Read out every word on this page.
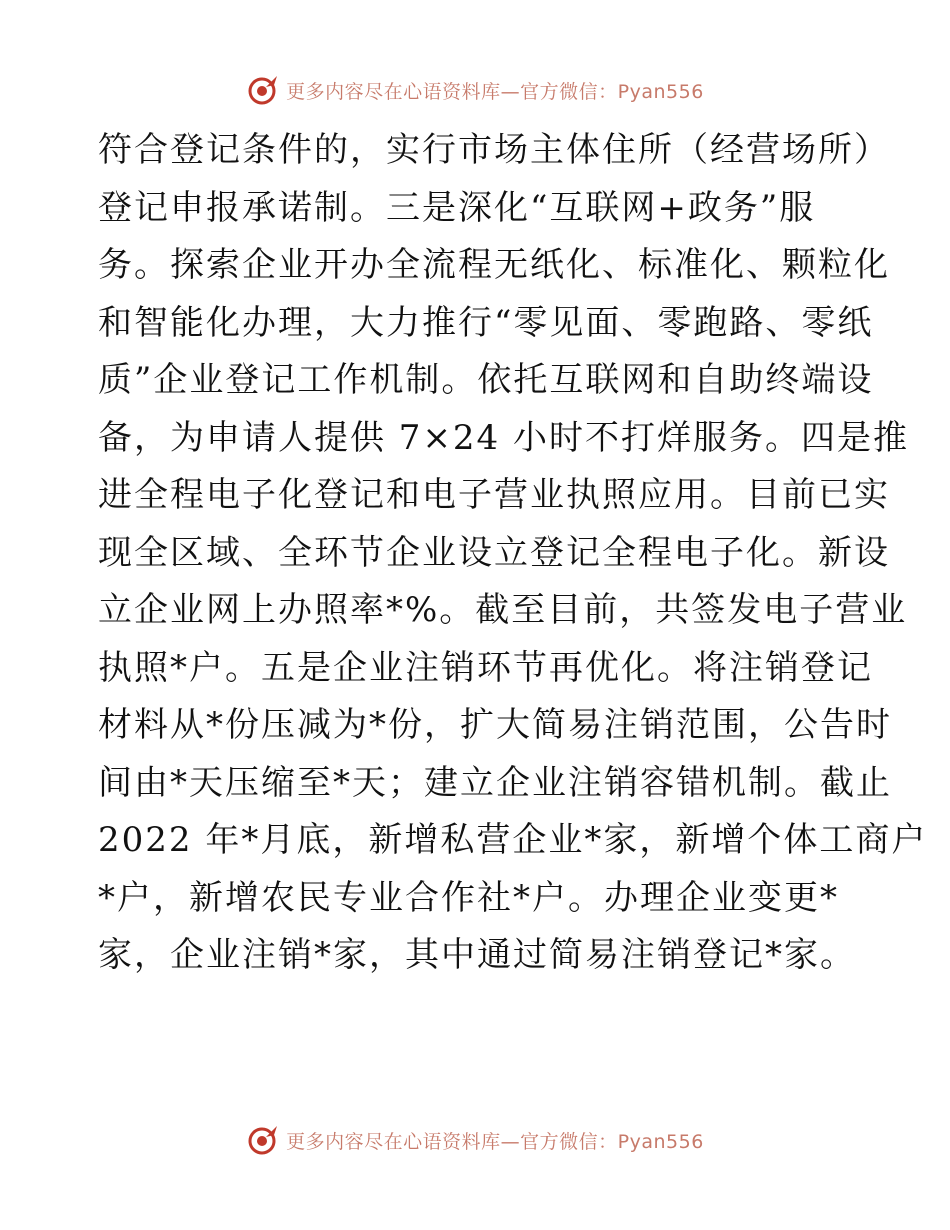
更多内容尽在心语资料库—官方微信：Pyan556
符合登记条件的，实行市场主体住所（经营场所）
登记申报承诺制。三是深化“互联网+政务”服
务。探索企业开办全流程无纸化、标准化、颗粒化
和智能化办理，大力推行“零见面、零跑路、零纸
质”企业登记工作机制。依托互联网和自助终端设
备，为申请人提供 7×24 小时不打烊服务。四是推
进全程电子化登记和电子营业执照应用。目前已实
现全区域、全环节企业设立登记全程电子化。新设
立企业网上办照率*%。截至目前，共签发电子营业
执照*户。五是企业注销环节再优化。将注销登记
材料从*份压减为*份，扩大简易注销范围，公告时
间由*天压缩至*天；建立企业注销容错机制。截止
2022 年*月底，新增私营企业*家，新增个体工商户
*户，新增农民专业合作社*户。办理企业变更*
家，企业注销*家，其中通过简易注销登记*家。
更多内容尽在心语资料库—官方微信：Pyan556
